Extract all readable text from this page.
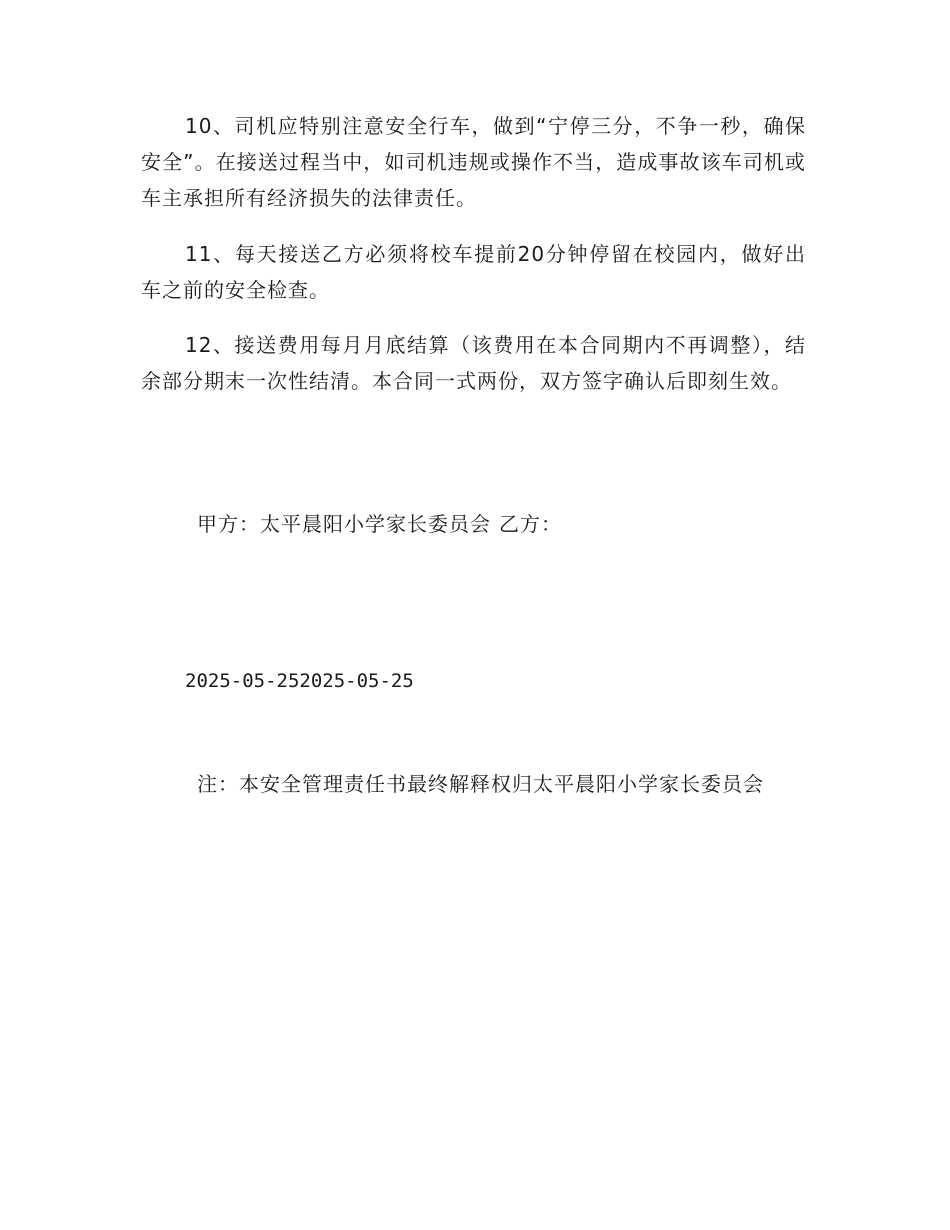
10、司机应特别注意安全行车，做到“宁停三分，不争一秒，确保安全”。在接送过程当中，如司机违规或操作不当，造成事故该车司机或车主承担所有经济损失的法律责任。

11、每天接送乙方必须将校车提前20分钟停留在校园内，做好出车之前的安全检查。

12、接送费用每月月底结算（该费用在本合同期内不再调整），结余部分期末一次性结清。本合同一式两份，双方签字确认后即刻生效。

甲方：太平晨阳小学家长委员会 乙方：
2025-05-252025-05-25
注：本安全管理责任书最终解释权归太平晨阳小学家长委员会
